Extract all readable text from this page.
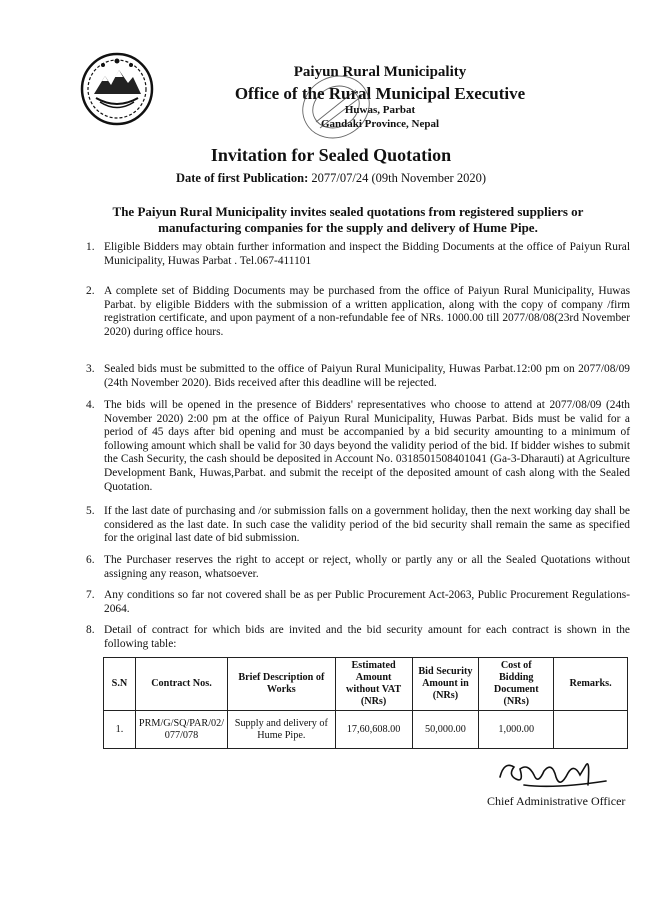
Paiyun Rural Municipality
Office of the Rural Municipal Executive
Huwas, Parbat
Gandaki Province, Nepal
Invitation for Sealed Quotation
Date of first Publication: 2077/07/24 (09th November 2020)
The Paiyun Rural Municipality invites sealed quotations from registered suppliers or manufacturing companies for the supply and delivery of Hume Pipe.
1. Eligible Bidders may obtain further information and inspect the Bidding Documents at the office of Paiyun Rural Municipality, Huwas Parbat . Tel.067-411101
2. A complete set of Bidding Documents may be purchased from the office of Paiyun Rural Municipality, Huwas Parbat. by eligible Bidders with the submission of a written application, along with the copy of company /firm registration certificate, and upon payment of a non-refundable fee of NRs. 1000.00 till 2077/08/08(23rd November 2020) during office hours.
3. Sealed bids must be submitted to the office of Paiyun Rural Municipality, Huwas Parbat.12:00 pm on 2077/08/09 (24th November 2020). Bids received after this deadline will be rejected.
4. The bids will be opened in the presence of Bidders' representatives who choose to attend at 2077/08/09 (24th November 2020) 2:00 pm at the office of Paiyun Rural Municipality, Huwas Parbat. Bids must be valid for a period of 45 days after bid opening and must be accompanied by a bid security amounting to a minimum of following amount which shall be valid for 30 days beyond the validity period of the bid. If bidder wishes to submit the Cash Security, the cash should be deposited in Account No. 0318501508401041 (Ga-3-Dharauti) at Agriculture Development Bank, Huwas,Parbat. and submit the receipt of the deposited amount of cash along with the Sealed Quotation.
5. If the last date of purchasing and /or submission falls on a government holiday, then the next working day shall be considered as the last date. In such case the validity period of the bid security shall remain the same as specified for the original last date of bid submission.
6. The Purchaser reserves the right to accept or reject, wholly or partly any or all the Sealed Quotations without assigning any reason, whatsoever.
7. Any conditions so far not covered shall be as per Public Procurement Act-2063, Public Procurement Regulations-2064.
8. Detail of contract for which bids are invited and the bid security amount for each contract is shown in the following table:
S.N	Contract Nos.	Brief Description of Works	Estimated Amount without VAT (NRs)	Bid Security Amount in (NRs)	Cost of Bidding Document (NRs)	Remarks.
1.	PRM/G/SQ/PAR/02/ 077/078	Supply and delivery of Hume Pipe.	17,60,608.00	50,000.00	1,000.00	
Chief Administrative Officer
